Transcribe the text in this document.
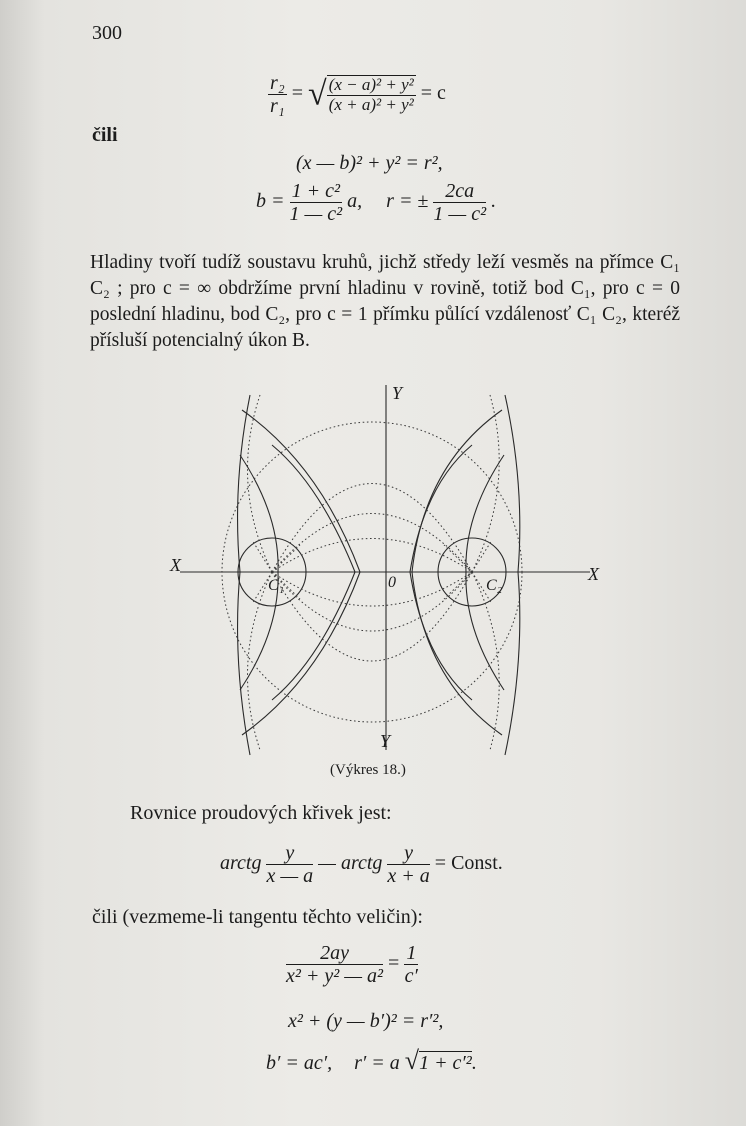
300
$\frac{\text{r₂}}{\text{r₁}}$ = √ $\frac{\text{(x − a)² + y²}}{\text{(x + a)² + y²}} = c$
čili
(x — b)² + y² = r²,
$b = \frac{\text{1 + c²}}{\text{1 — c²}} a$, r = ± $\frac{2ca}{\text{1 — c²}}$ .
Hladiny tvoří tudíž soustavu kruhů, jichž středy leží vesměs na přímce C₁ C₂ ; pro c = ∞ obdržíme první hladinu v rovině, totiž bod C₁, pro c = 0 poslední hladinu, bod C₂, pro c = 1 přímku půlící vzdálenosť C₁ C₂, kteréž přísluší potencialný úkon B.
Y
Y
X	X
0
C₁	C₂
(Výkres 18.)
Rovnice proudových křivek jest:
arctg $\frac{y}{x — a}$ — arctg $\frac{y}{x + a}$ = Const.
čili (vezmeme-li tangentu těchto veličin):
$\frac{2ay}{\text{x² + y² — a²}} = \frac{1}{c'}$
x² + (y — b′)² = r′²,
b′ = ac′, r′ = a √1 + c′².
